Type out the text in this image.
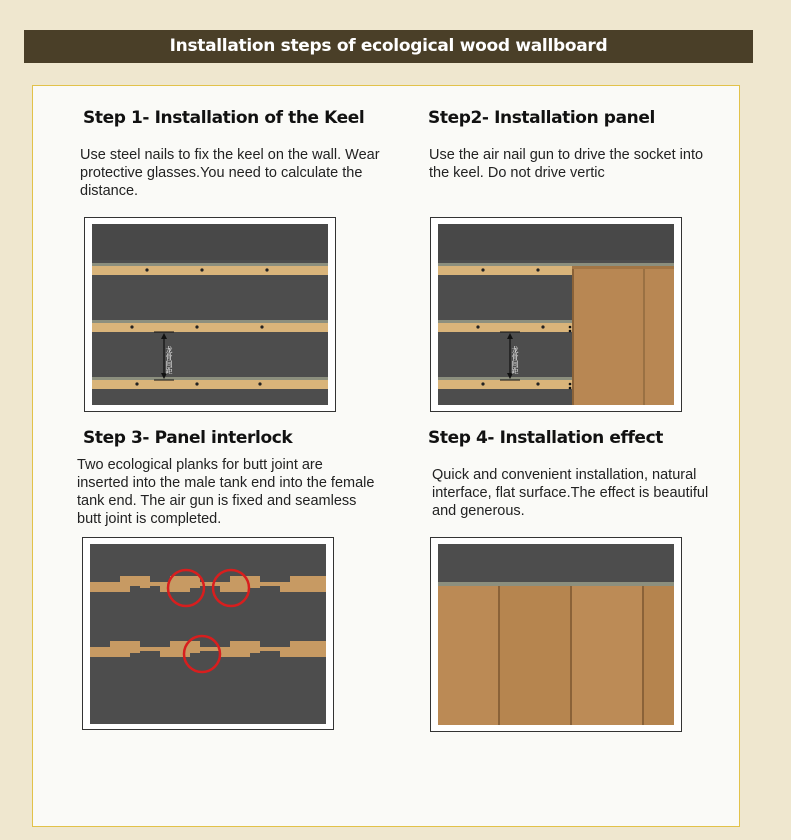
Installation steps of ecological wood wallboard
Step 1- Installation of the Keel
Use steel nails to fix the keel on the wall. Wear protective glasses.You need to calculate the distance.
龙骨间距
Step2- Installation panel
Use the air nail gun to drive the socket into the keel. Do not drive vertic
龙骨间距
Step 3- Panel interlock
Two ecological planks for butt joint are inserted into the male tank end into the female tank end. The air gun is fixed and seamless butt joint is completed.
Step 4- Installation effect
Quick and convenient installation, natural interface, flat surface.The effect is beautiful and generous.
